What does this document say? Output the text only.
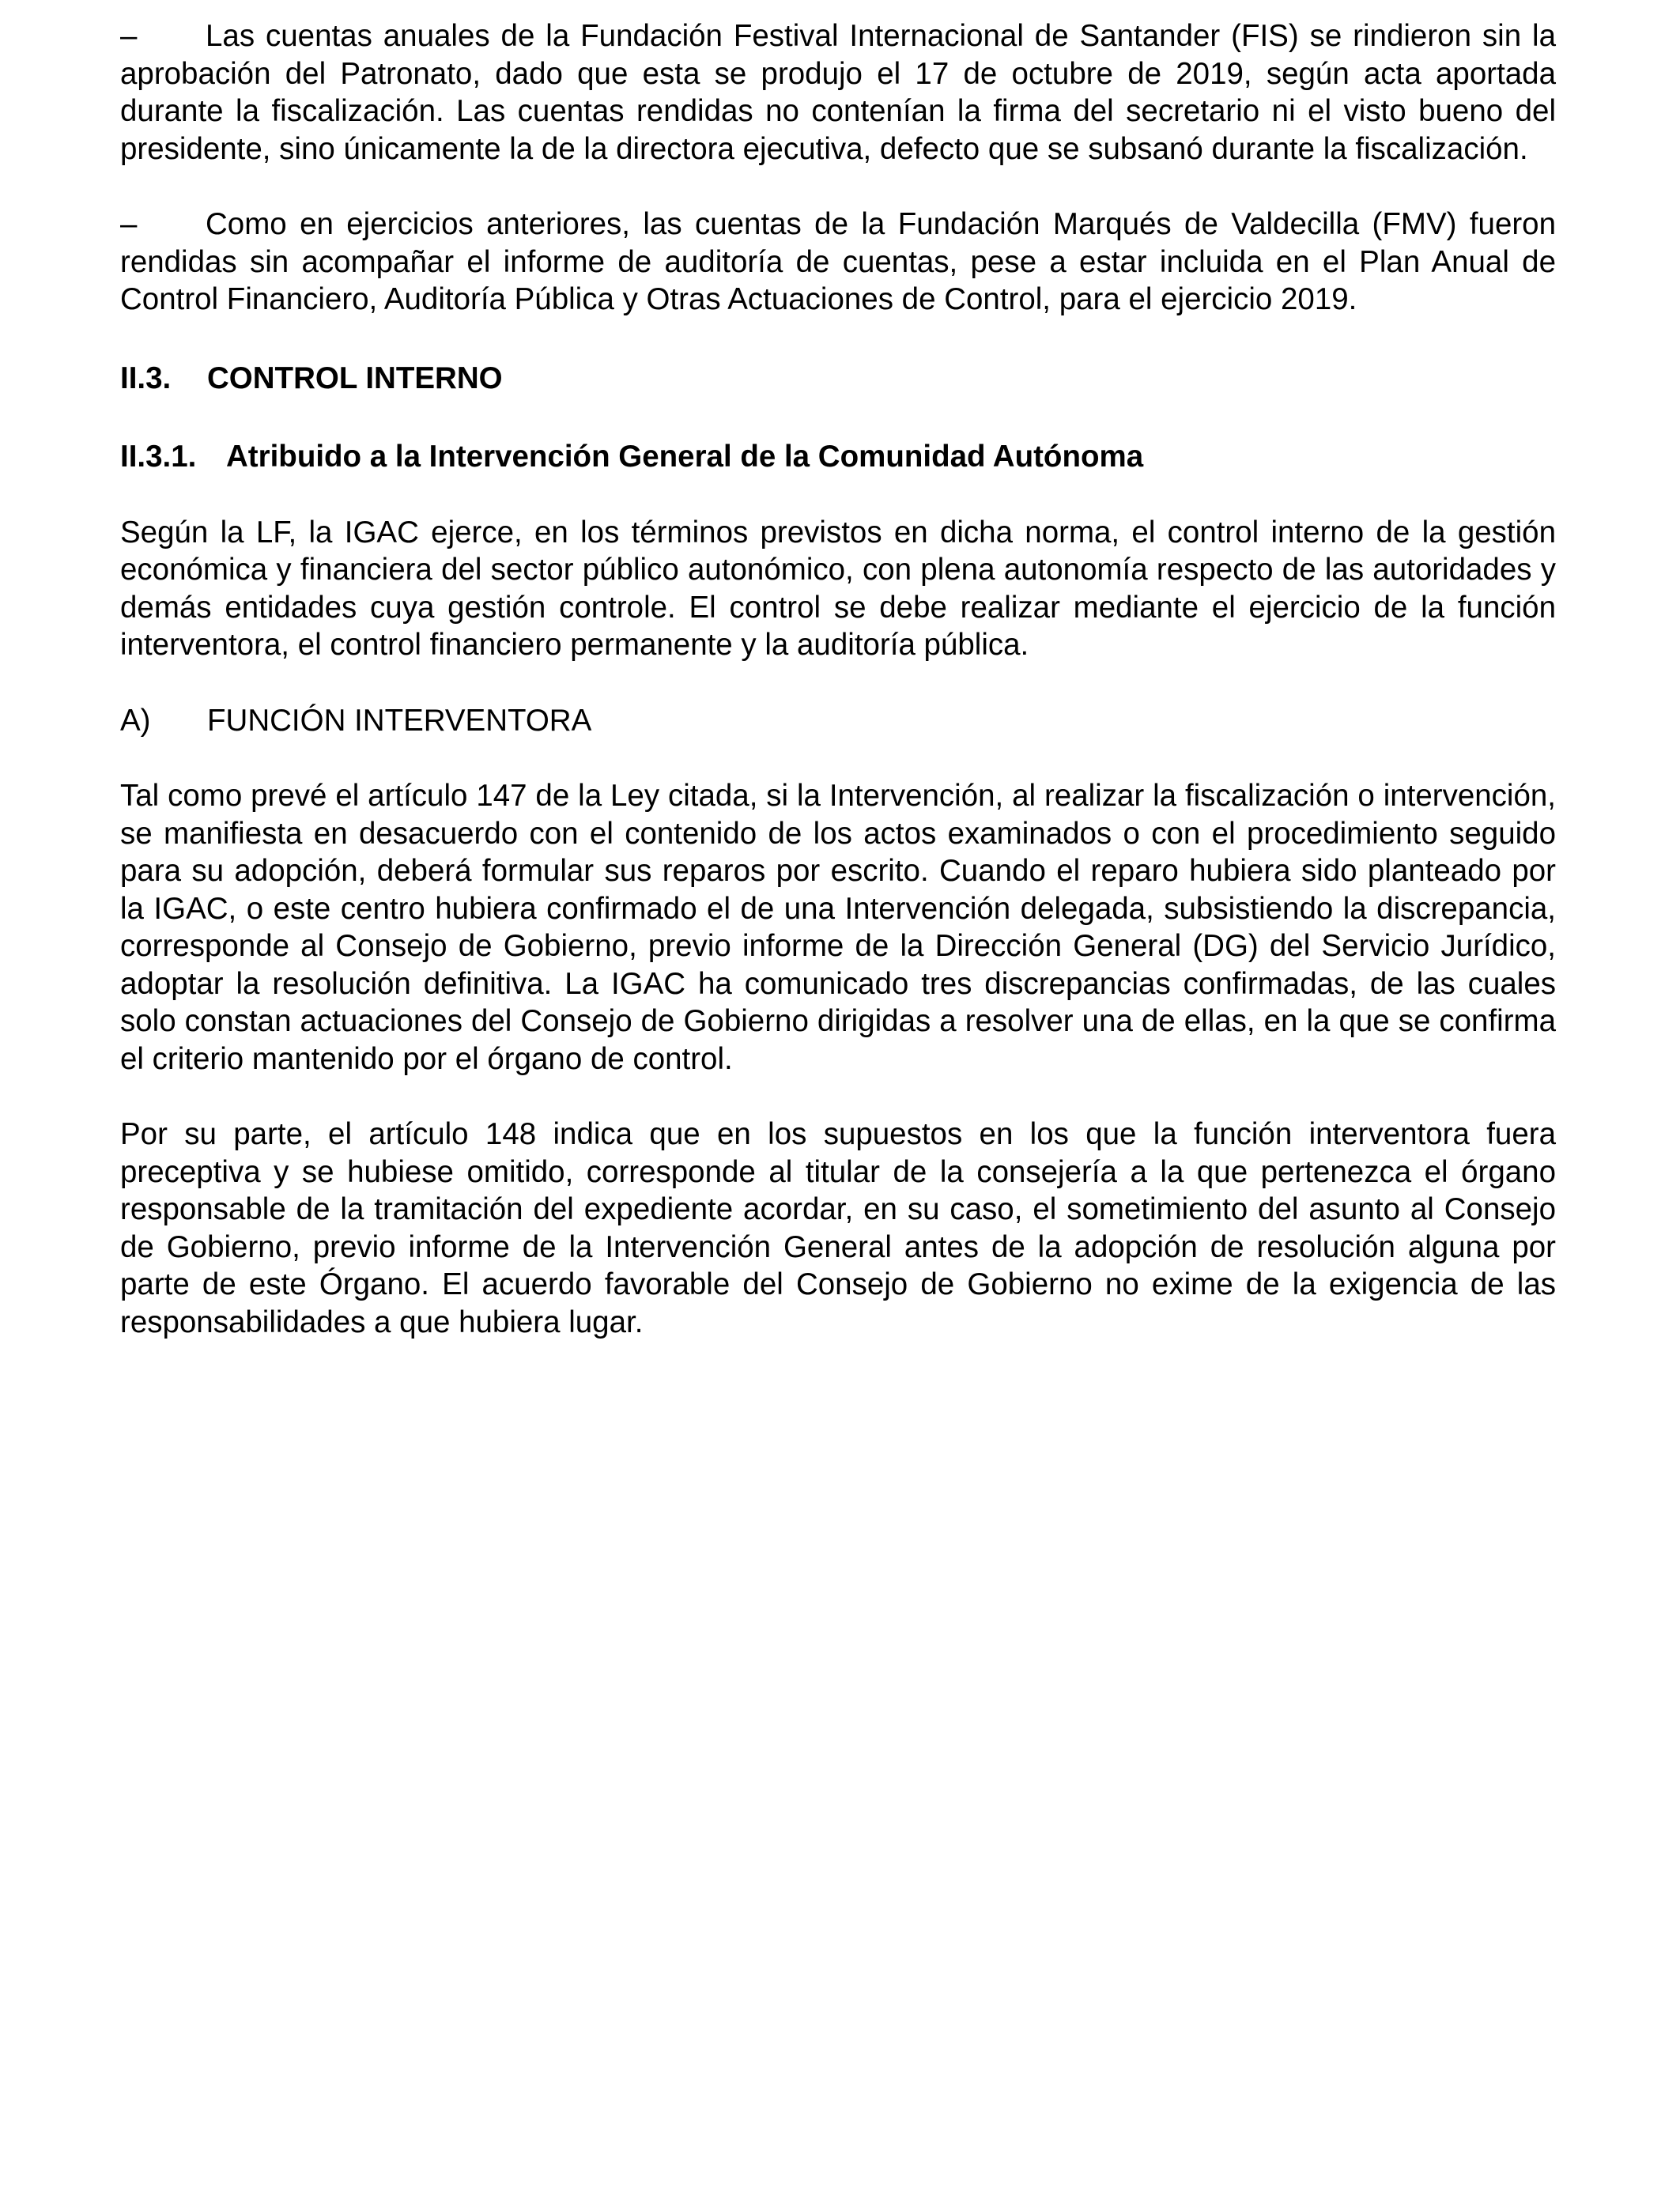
– Las cuentas anuales de la Fundación Festival Internacional de Santander (FIS) se rindieron sin la aprobación del Patronato, dado que esta se produjo el 17 de octubre de 2019, según acta aportada durante la fiscalización. Las cuentas rendidas no contenían la firma del secretario ni el visto bueno del presidente, sino únicamente la de la directora ejecutiva, defecto que se subsanó durante la fiscalización.

– Como en ejercicios anteriores, las cuentas de la Fundación Marqués de Valdecilla (FMV) fueron rendidas sin acompañar el informe de auditoría de cuentas, pese a estar incluida en el Plan Anual de Control Financiero, Auditoría Pública y Otras Actuaciones de Control, para el ejercicio 2019.

II.3.	CONTROL INTERNO
II.3.1. Atribuido a la Intervención General de la Comunidad Autónoma

Según la LF, la IGAC ejerce, en los términos previstos en dicha norma, el control interno de la gestión económica y financiera del sector público autonómico, con plena autonomía respecto de las autoridades y demás entidades cuya gestión controle. El control se debe realizar mediante el ejercicio de la función interventora, el control financiero permanente y la auditoría pública.

A)	FUNCIÓN INTERVENTORA

Tal como prevé el artículo 147 de la Ley citada, si la Intervención, al realizar la fiscalización o intervención, se manifiesta en desacuerdo con el contenido de los actos examinados o con el procedimiento seguido para su adopción, deberá formular sus reparos por escrito. Cuando el reparo hubiera sido planteado por la IGAC, o este centro hubiera confirmado el de una Intervención delegada, subsistiendo la discrepancia, corresponde al Consejo de Gobierno, previo informe de la Dirección General (DG) del Servicio Jurídico, adoptar la resolución definitiva. La IGAC ha comunicado tres discrepancias confirmadas, de las cuales solo constan actuaciones del Consejo de Gobierno dirigidas a resolver una de ellas, en la que se confirma el criterio mantenido por el órgano de control.

Por su parte, el artículo 148 indica que en los supuestos en los que la función interventora fuera preceptiva y se hubiese omitido, corresponde al titular de la consejería a la que pertenezca el órgano responsable de la tramitación del expediente acordar, en su caso, el sometimiento del asunto al Consejo de Gobierno, previo informe de la Intervención General antes de la adopción de resolución alguna por parte de este Órgano. El acuerdo favorable del Consejo de Gobierno no exime de la exigencia de las responsabilidades a que hubiera lugar.
